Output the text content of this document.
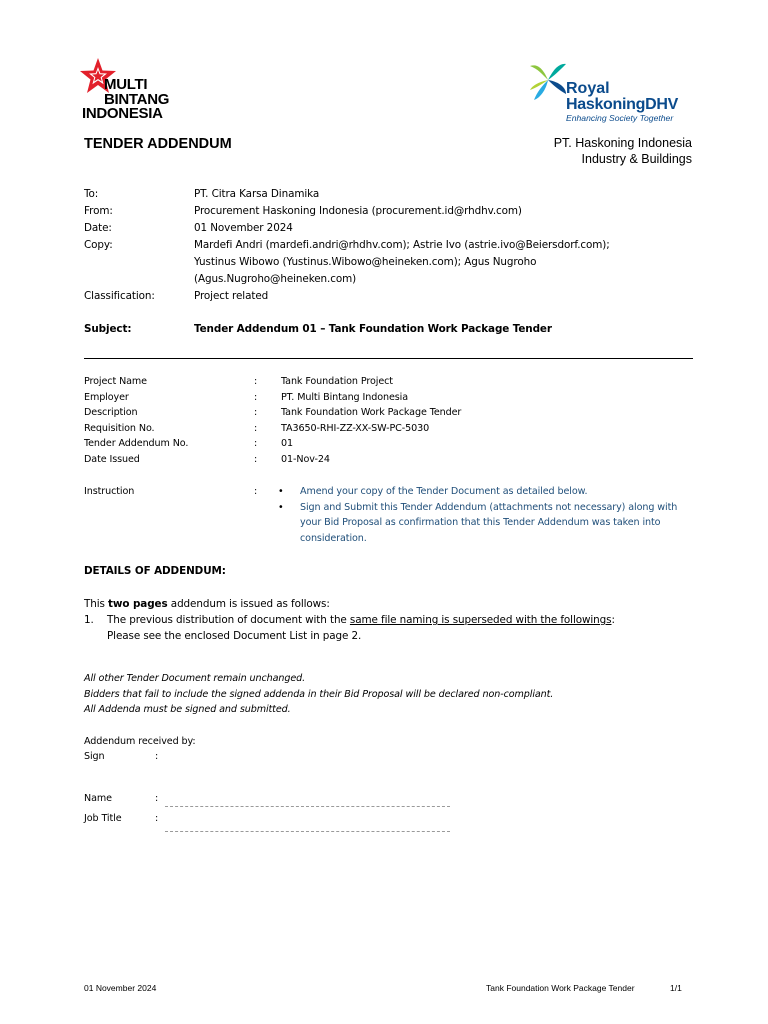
MULTI
BINTANG
INDONESIA
Royal
HaskoningDHV
Enhancing Society Together
TENDER ADDENDUM	PT. Haskoning Indonesia
Industry & Buildings
To:	PT. Citra Karsa Dinamika
From:	Procurement Haskoning Indonesia (procurement.id@rhdhv.com)
Date:	01 November 2024
Copy:	Mardefi Andri (mardefi.andri@rhdhv.com); Astrie Ivo (astrie.ivo@Beiersdorf.com);
Yustinus Wibowo (Yustinus.Wibowo@heineken.com); Agus Nugroho
(Agus.Nugroho@heineken.com)
Classification:	Project related
Subject:	Tender Addendum 01 – Tank Foundation Work Package Tender
Project Name	: Tank Foundation Project
Employer	: PT. Multi Bintang Indonesia
Description	: Tank Foundation Work Package Tender
Requisition No.	: TA3650-RHI-ZZ-XX-SW-PC-5030
Tender Addendum No.	: 01
Date Issued	: 01-Nov-24
Instruction	: • Amend your copy of the Tender Document as detailed below.
• Sign and Submit this Tender Addendum (attachments not necessary) along with
your Bid Proposal as confirmation that this Tender Addendum was taken into
consideration.
DETAILS OF ADDENDUM:
This two pages addendum is issued as follows:
1. The previous distribution of document with the same file naming is superseded with the followings:
Please see the enclosed Document List in page 2.
All other Tender Document remain unchanged.
Bidders that fail to include the signed addenda in their Bid Proposal will be declared non-compliant.
All Addenda must be signed and submitted.
Addendum received by:
Sign	:
Name	:
Job Title	:
01 November 2024	Tank Foundation Work Package Tender	1/1
